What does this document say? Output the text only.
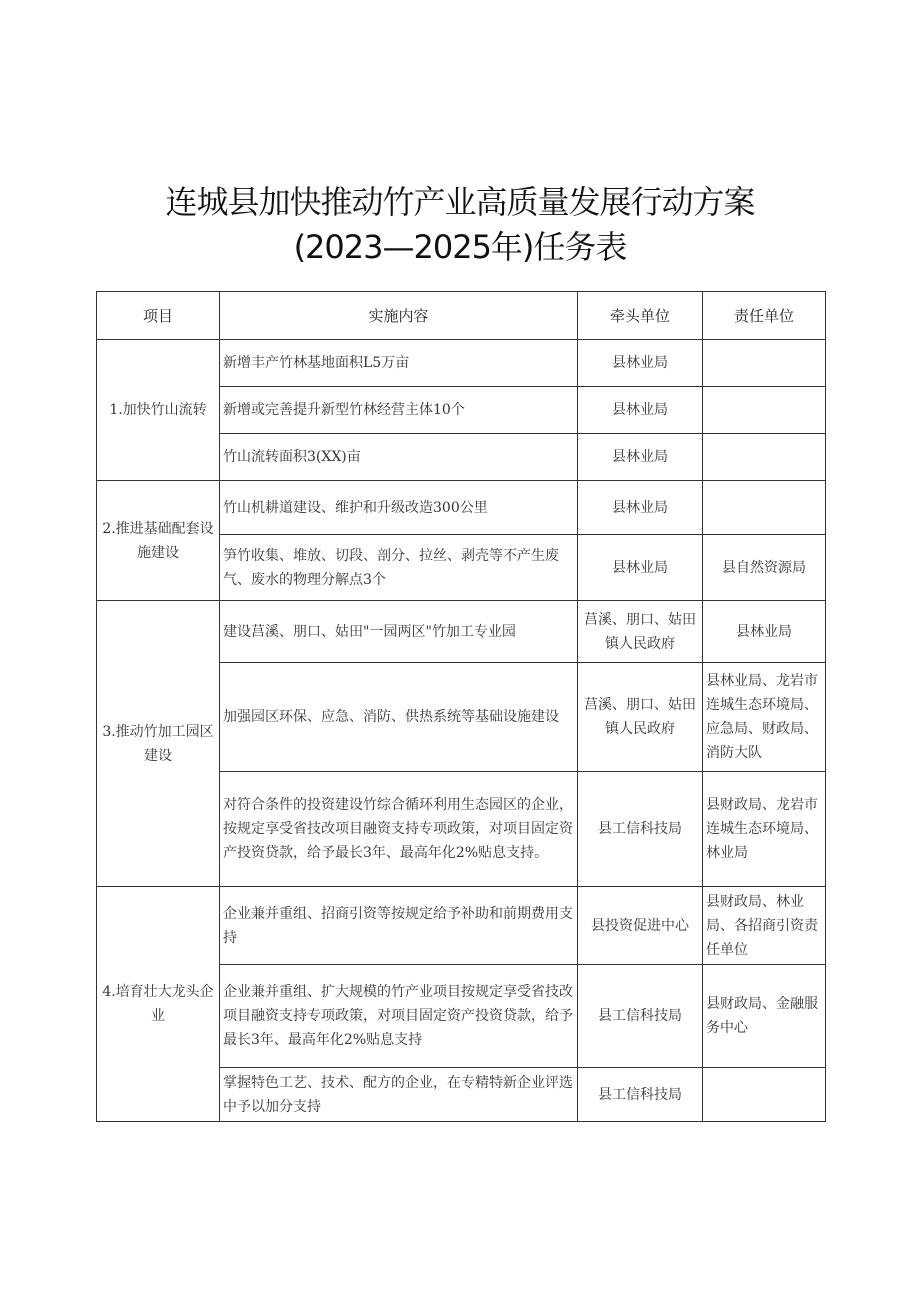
连城县加快推动竹产业高质量发展行动方案
(2023—2025年)任务表
项目	实施内容	牵头单位	责任单位
1.加快竹山流转	新增丰产竹林基地面积L5万亩	县林业局	
	新增或完善提升新型竹林经营主体10个	县林业局	
	竹山流转面积3(XX)亩	县林业局	
2.推进基础配套设施建设	竹山机耕道建设、维护和升级改造300公里	县林业局	
	笋竹收集、堆放、切段、剖分、拉丝、剥壳等不产生废气、废水的物理分解点3个	县林业局	县自然资源局
3.推动竹加工园区建设	建设莒溪、朋口、姑田"一园两区"竹加工专业园	莒溪、朋口、姑田镇人民政府	县林业局
	加强园区环保、应急、消防、供热系统等基础设施建设	莒溪、朋口、姑田镇人民政府	县林业局、龙岩市连城生态环境局、应急局、财政局、消防大队
	对符合条件的投资建设竹综合循环利用生态园区的企业，按规定享受省技改项目融资支持专项政策，对项目固定资产投资贷款，给予最长3年、最高年化2%贴息支持。	县工信科技局	县财政局、龙岩市连城生态环境局、林业局
4.培育壮大龙头企业	企业兼并重组、招商引资等按规定给予补助和前期费用支持	县投资促进中心	县财政局、林业局、各招商引资责任单位
	企业兼并重组、扩大规模的竹产业项目按规定享受省技改项目融资支持专项政策，对项目固定资产投资贷款，给予最长3年、最高年化2%贴息支持	县工信科技局	县财政局、金融服务中心
	掌握特色工艺、技术、配方的企业，在专精特新企业评选中予以加分支持	县工信科技局	
